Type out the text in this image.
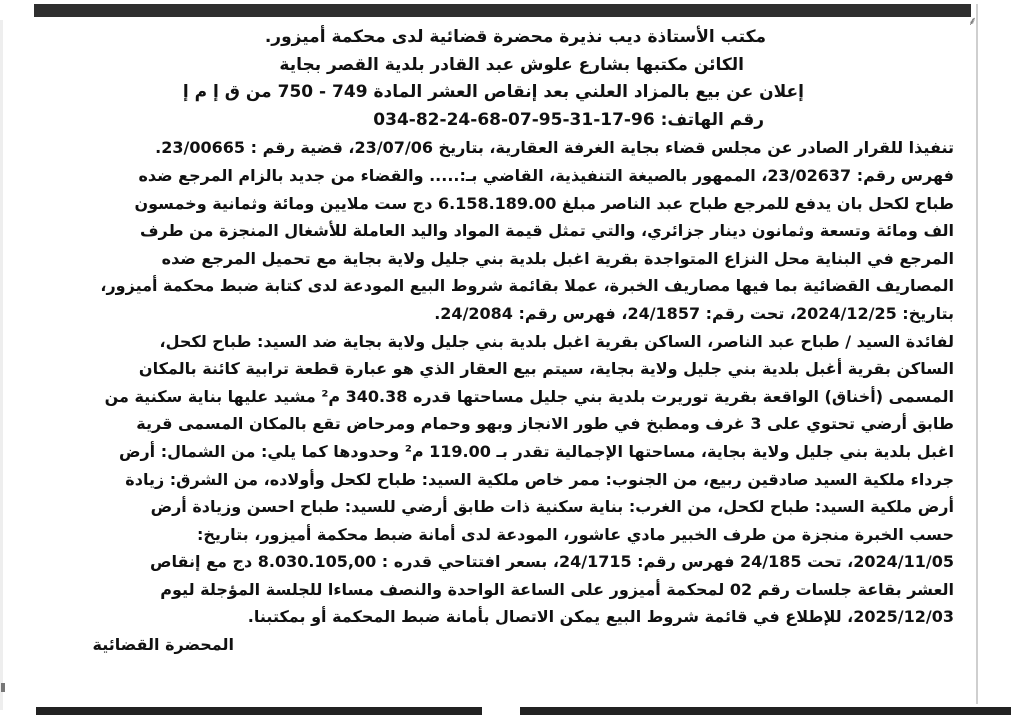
⸙
مكتب الأستاذة ديب نذيرة محضرة قضائية لدى محكمة أميزور.
الكائن مكتبها بشارع علوش عبد القادر بلدية القصر بجاية
إعلان عن بيع بالمزاد العلني بعد إنقاص العشر المادة 749 - 750 من ق إ م إ
رقم الهاتف: 96-17-31-95-07-68-24-82-034
تنفيذا للقرار الصادر عن مجلس قضاء بجاية الغرفة العقارية، بتاريخ 23/07/06، قضية رقم : 23/00665.
فهرس رقم: 23/02637، الممهور بالصيغة التنفيذية، القاضي بـ:..... والقضاء من جديد بالزام المرجع ضده
طباح لكحل بان يدفع للمرجع طباح عبد الناصر مبلغ 6.158.189.00 دج ست ملايين ومائة وثمانية وخمسون
الف ومائة وتسعة وثمانون دينار جزائري، والتي تمثل قيمة المواد واليد العاملة للأشغال المنجزة من طرف
المرجع في البناية محل النزاع المتواجدة بقرية اغبل بلدية بني جليل ولاية بجاية مع تحميل المرجع ضده
المصاريف القضائية بما فيها مصاريف الخبرة، عملا بقائمة شروط البيع المودعة لدى كتابة ضبط محكمة أميزور،
بتاريخ: 2024/12/25، تحت رقم: 24/1857، فهرس رقم: 24/2084.
لفائدة السيد / طباح عبد الناصر، الساكن بقرية اغبل بلدية بني جليل ولاية بجاية ضد السيد: طباح لكحل،
الساكن بقرية أغبل بلدية بني جليل ولاية بجاية، سيتم بيع العقار الذي هو عبارة قطعة ترابية كائنة بالمكان
المسمى (أخناق) الواقعة بقرية توريرت بلدية بني جليل مساحتها قدره 340.38 م² مشيد عليها بناية سكنية من
طابق أرضي تحتوي على 3 غرف ومطبخ في طور الانجاز وبهو وحمام ومرحاض تقع بالمكان المسمى قرية
اغبل بلدية بني جليل ولاية بجاية، مساحتها الإجمالية تقدر بـ 119.00 م² وحدودها كما يلي: من الشمال: أرض
جرداء ملكية السيد صادقين ربيع، من الجنوب: ممر خاص ملكية السيد: طباح لكحل وأولاده، من الشرق: زيادة
أرض ملكية السيد: طباح لكحل، من الغرب: بناية سكنية ذات طابق أرضي للسيد: طباح احسن وزيادة أرض
حسب الخبرة منجزة من طرف الخبير مادي عاشور، المودعة لدى أمانة ضبط محكمة أميزور، بتاريخ:
2024/11/05، تحت 24/185 فهرس رقم: 24/1715، بسعر افتتاحي قدره : 8.030.105,00 دج مع إنقاص
العشر بقاعة جلسات رقم 02 لمحكمة أميزور على الساعة الواحدة والنصف مساءا للجلسة المؤجلة ليوم
2025/12/03، للإطلاع في قائمة شروط البيع يمكن الاتصال بأمانة ضبط المحكمة أو بمكتبنا.
المحضرة القضائية
